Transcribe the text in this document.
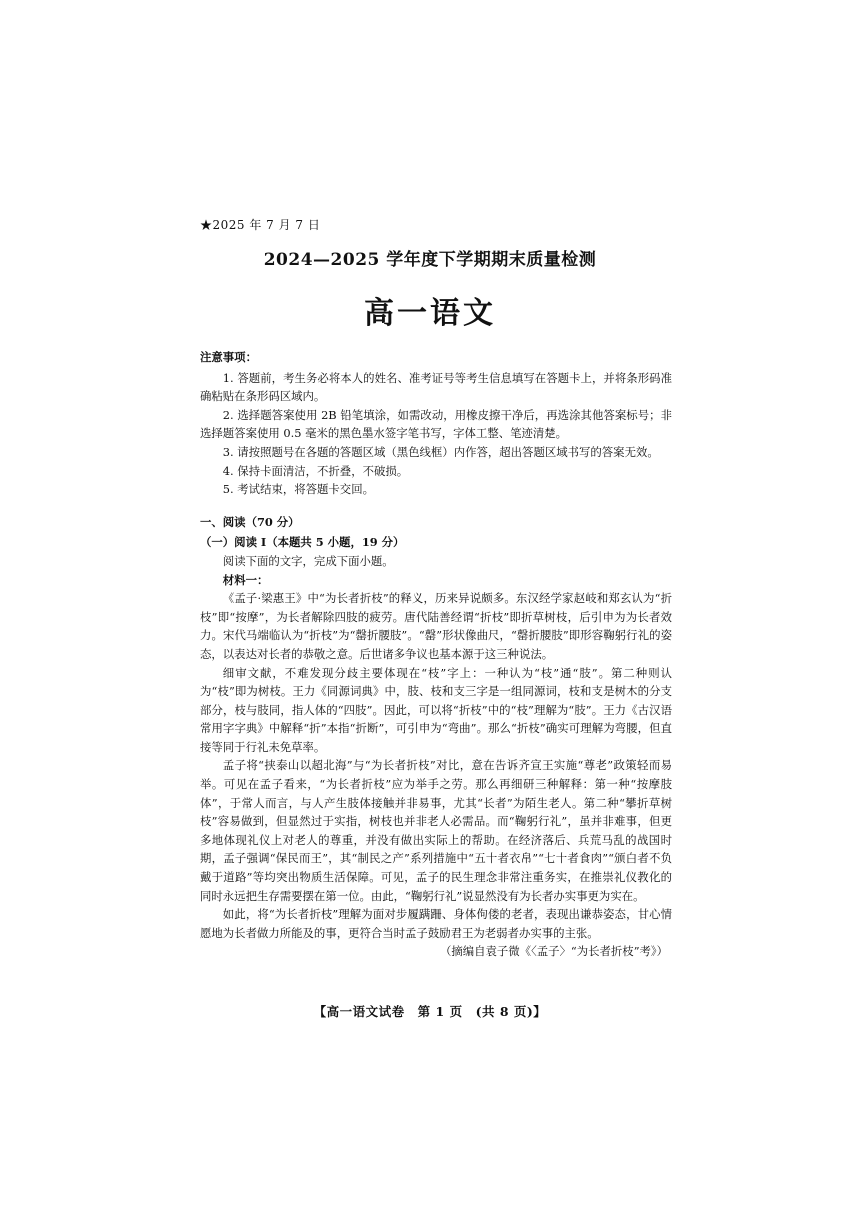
★2025 年 7 月 7 日
2024—2025 学年度下学期期末质量检测
高一语文

注意事项：

1. 答题前，考生务必将本人的姓名、准考证号等考生信息填写在答题卡上，并将条形码准确粘贴在条形码区域内。
2. 选择题答案使用 2B 铅笔填涂，如需改动，用橡皮擦干净后，再选涂其他答案标号；非选择题答案使用 0.5 毫米的黑色墨水签字笔书写，字体工整、笔迹清楚。
3. 请按照题号在各题的答题区域（黑色线框）内作答，超出答题区域书写的答案无效。
4. 保持卡面清洁，不折叠，不破损。
5. 考试结束，将答题卡交回。

一、阅读（70 分）

（一）阅读 I（本题共 5 小题，19 分）

阅读下面的文字，完成下面小题。

材料一：

《孟子·梁惠王》中“为长者折枝”的释义，历来异说颇多。东汉经学家赵岐和郑玄认为“折枝”即“按摩”，为长者解除四肢的疲劳。唐代陆善经谓“折枝”即折草树枝，后引申为为长者效力。宋代马端临认为“折枝”为“罄折腰肢”。“罄”形状像曲尺，“罄折腰肢”即形容鞠躬行礼的姿态，以表达对长者的恭敬之意。后世诸多争议也基本源于这三种说法。

细审文献，不难发现分歧主要体现在“枝”字上：一种认为“枝”通“肢”。第二种则认为“枝”即为树枝。王力《同源词典》中，肢、枝和支三字是一组同源词，枝和支是树木的分支部分，枝与肢同，指人体的“四肢”。因此，可以将“折枝”中的“枝”理解为“肢”。王力《古汉语常用字字典》中解释“折”本指“折断”，可引申为“弯曲”。那么“折枝”确实可理解为弯腰，但直接等同于行礼未免草率。

孟子将“挟泰山以超北海”与“为长者折枝”对比，意在告诉齐宣王实施“尊老”政策轻而易举。可见在孟子看来，“为长者折枝”应为举手之劳。那么再细研三种解释：第一种“按摩肢体”，于常人而言，与人产生肢体接触并非易事，尤其“长者”为陌生老人。第二种“攀折草树枝”容易做到，但显然过于实指，树枝也并非老人必需品。而“鞠躬行礼”，虽并非难事，但更多地体现礼仪上对老人的尊重，并没有做出实际上的帮助。在经济落后、兵荒马乱的战国时期，孟子强调“保民而王”，其“制民之产”系列措施中“五十者衣帛”“七十者食肉”“颁白者不负戴于道路”等均突出物质生活保障。可见，孟子的民生理念非常注重务实，在推崇礼仪教化的同时永远把生存需要摆在第一位。由此，“鞠躬行礼”说显然没有为长者办实事更为实在。

如此，将“为长者折枝”理解为面对步履蹒跚、身体佝偻的老者，表现出谦恭姿态，甘心情愿地为长者做力所能及的事，更符合当时孟子鼓励君王为老弱者办实事的主张。

（摘编自袁子微《〈孟子〉“为长者折枝”考》）

【高一语文试卷　第 1 页　(共 8 页)】
